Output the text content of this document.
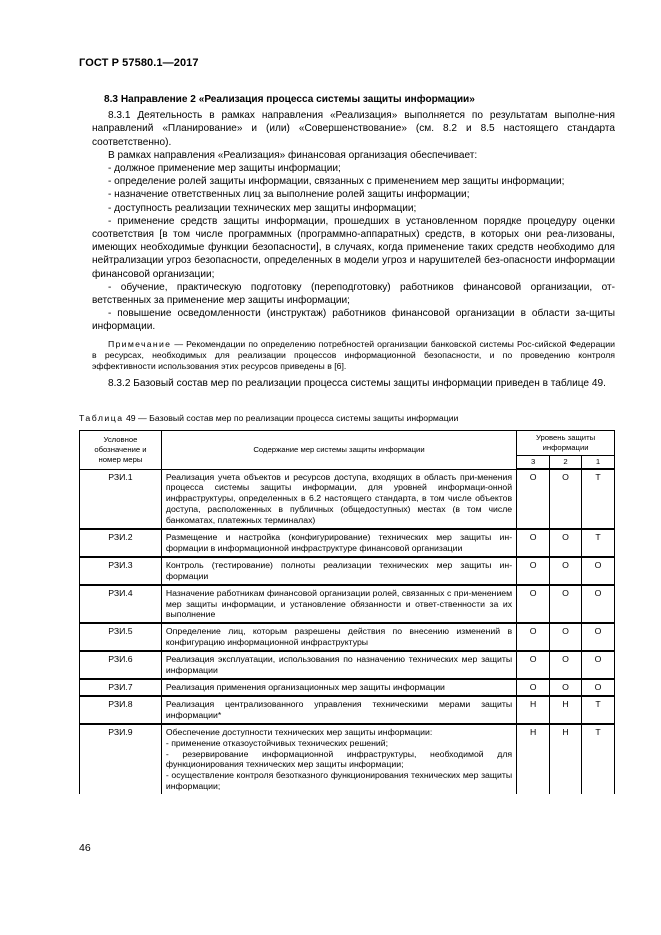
ГОСТ Р 57580.1—2017

8.3 Направление 2 «Реализация процесса системы защиты информации»

8.3.1 Деятельность в рамках направления «Реализация» выполняется по результатам выполне-ния направлений «Планирование» и (или) «Совершенствование» (см. 8.2 и 8.5 настоящего стандарта соответственно).

В рамках направления «Реализация» финансовая организация обеспечивает:

- должное применение мер защиты информации;

- определение ролей защиты информации, связанных с применением мер защиты информации;

- назначение ответственных лиц за выполнение ролей защиты информации;

- доступность реализации технических мер защиты информации;

- применение средств защиты информации, прошедших в установленном порядке процедуру оценки соответствия [в том числе программных (программно-аппаратных) средств, в которых они реа-лизованы, имеющих необходимые функции безопасности], в случаях, когда применение таких средств необходимо для нейтрализации угроз безопасности, определенных в модели угроз и нарушителей без-опасности информации финансовой организации;

- обучение, практическую подготовку (переподготовку) работников финансовой организации, от-ветственных за применение мер защиты информации;

- повышение осведомленности (инструктаж) работников финансовой организации в области за-щиты информации.

Примечание — Рекомендации по определению потребностей организации банковской системы Рос-сийской Федерации в ресурсах, необходимых для реализации процессов информационной безопасности, и по проведению контроля эффективности использования этих ресурсов приведены в [6].

8.3.2 Базовый состав мер по реализации процесса системы защиты информации приведен в таблице 49.

Таблица 49 — Базовый состав мер по реализации процесса системы защиты информации
Условное обозначение и номер меры	Содержание мер системы защиты информации	Уровень защиты информации		
		3	2	1
РЗИ.1	Реализация учета объектов и ресурсов доступа, входящих в область при-менения процесса системы защиты информации, для уровней информаци-онной инфраструктуры, определенных в 6.2 настоящего стандарта, в том числе объектов доступа, расположенных в публичных (общедоступных) местах (в том числе банкоматах, платежных терминалах)	О	О	Т
РЗИ.2	Размещение и настройка (конфигурирование) технических мер защиты ин-формации в информационной инфраструктуре финансовой организации	О	О	Т
РЗИ.3	Контроль (тестирование) полноты реализации технических мер защиты ин-формации	О	О	О
РЗИ.4	Назначение работникам финансовой организации ролей, связанных с при-менением мер защиты информации, и установление обязанности и ответ-ственности за их выполнение	О	О	О
РЗИ.5	Определение лиц, которым разрешены действия по внесению изменений в конфигурацию информационной инфраструктуры	О	О	О
РЗИ.6	Реализация эксплуатации, использования по назначению технических мер защиты информации	О	О	О
РЗИ.7	Реализация применения организационных мер защиты информации	О	О	О
РЗИ.8	Реализация централизованного управления техническими мерами защиты информации*	Н	Н	Т
РЗИ.9	Обеспечение доступности технических мер защиты информации:
- применение отказоустойчивых технических решений;
- резервирование информационной инфраструктуры, необходимой для функционирования технических мер защиты информации;
- осуществление контроля безотказного функционирования технических мер защиты информации;	Н	Н	Т
46
